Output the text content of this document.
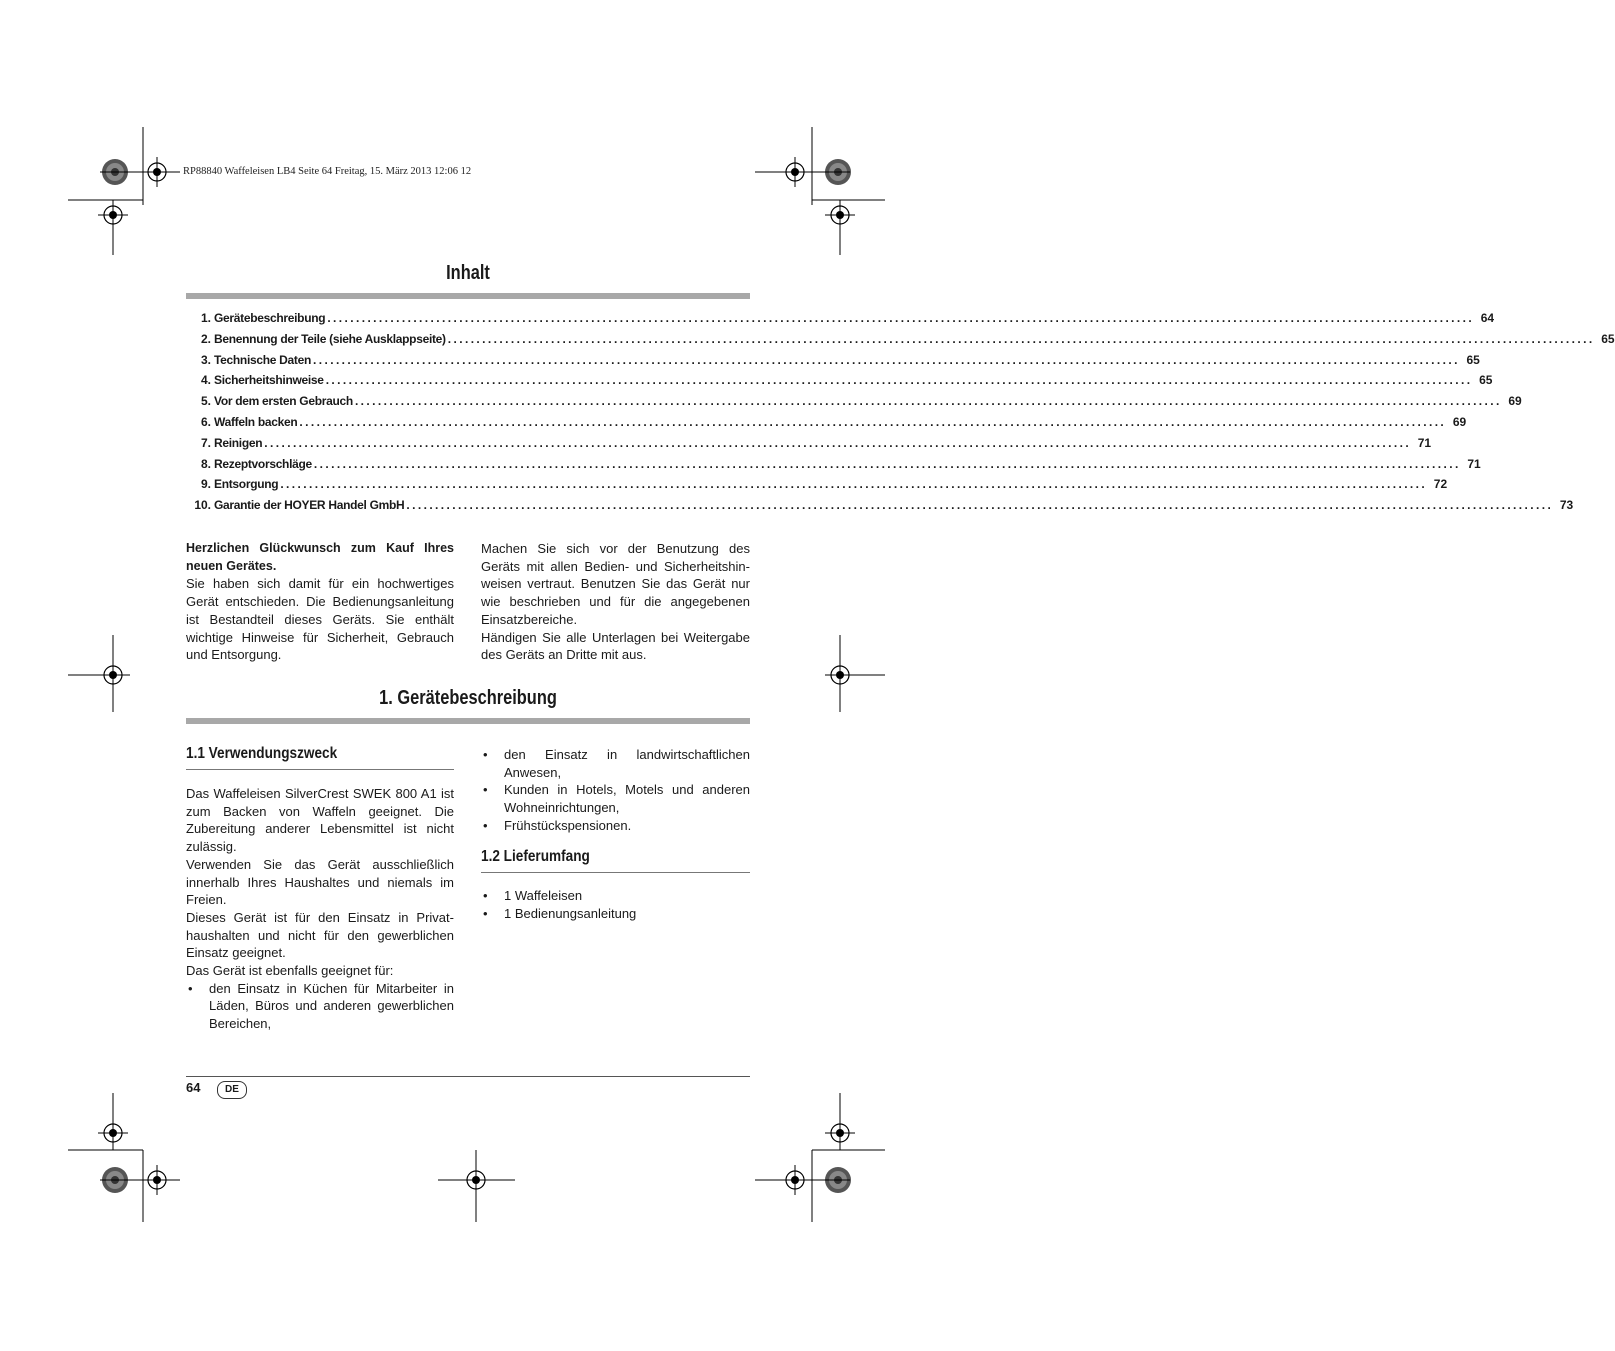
RP88840 Waffeleisen LB4 Seite 64 Freitag, 15. März 2013 12:06 12
Inhalt
1. Gerätebeschreibung ........................................................................................................................................................................................................ 64
2. Benennung der Teile (siehe Ausklappseite) ........................................................................................................................................................................................................ 65
3. Technische Daten ........................................................................................................................................................................................................ 65
4. Sicherheitshinweise ........................................................................................................................................................................................................ 65
5. Vor dem ersten Gebrauch ........................................................................................................................................................................................................ 69
6. Waffeln backen ........................................................................................................................................................................................................ 69
7. Reinigen ........................................................................................................................................................................................................ 71
8. Rezeptvorschläge ........................................................................................................................................................................................................ 71
9. Entsorgung ........................................................................................................................................................................................................ 72
10. Garantie der HOYER Handel GmbH ........................................................................................................................................................................................................ 73

Herzlichen Glückwunsch zum Kauf Ihres neuen Gerätes.

Sie haben sich damit für ein hochwertiges Gerät entschieden. Die Bedienungsanleitung ist Bestandteil dieses Geräts. Sie enthält wichtige Hinweise für Sicherheit, Gebrauch und Entsorgung.

Machen Sie sich vor der Benutzung des Geräts mit allen Bedien- und Sicherheitshinweisen vertraut. Benutzen Sie das Gerät nur wie beschrieben und für die angegebenen Einsatzbereiche.

Händigen Sie alle Unterlagen bei Weitergabe des Geräts an Dritte mit aus.

1. Gerätebeschreibung
1.1 Verwendungszweck

Das Waffeleisen SilverCrest SWEK 800 A1 ist zum Backen von Waffeln geeignet. Die Zubereitung anderer Lebensmittel ist nicht zulässig.

Verwenden Sie das Gerät ausschließlich innerhalb Ihres Haushaltes und niemals im Freien.

Dieses Gerät ist für den Einsatz in Privathaushalten und nicht für den gewerblichen Einsatz geeignet.

Das Gerät ist ebenfalls geeignet für:

• den Einsatz in Küchen für Mitarbeiter in Läden, Büros und anderen gewerblichen Bereichen,
• den Einsatz in landwirtschaftlichen Anwesen,
• Kunden in Hotels, Motels und anderen Wohneinrichtungen,
• Frühstückspensionen.
1.2 Lieferumfang
• 1 Waffeleisen
• 1 Bedienungsanleitung
64	DE
